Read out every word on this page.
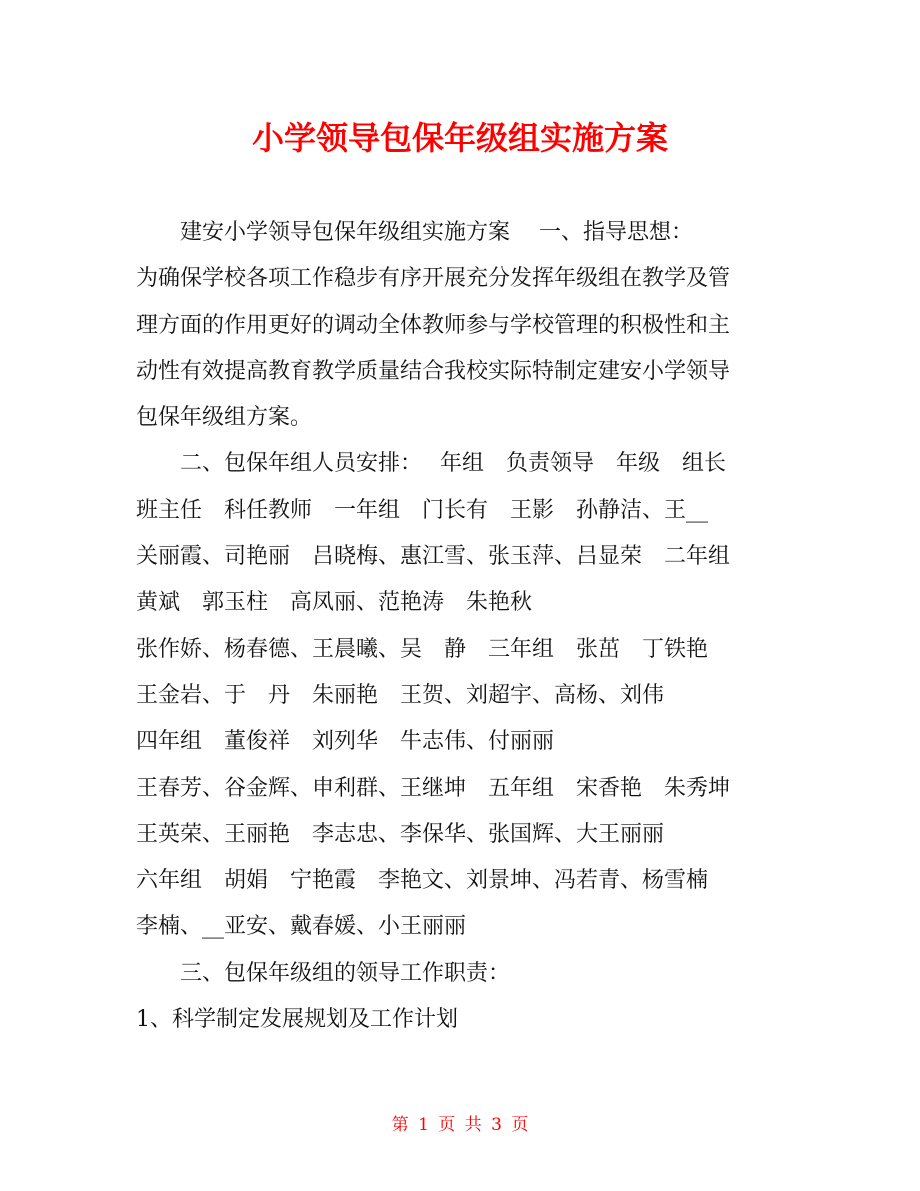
小学领导包保年级组实施方案

建安小学领导包保年级组实施方案　 一、指导思想：

为确保学校各项工作稳步有序开展充分发挥年级组在教学及管

理方面的作用更好的调动全体教师参与学校管理的积极性和主

动性有效提高教育教学质量结合我校实际特制定建安小学领导

包保年级组方案。

二、包保年组人员安排：　 年组　负责领导　年级　组长

班主任　科任教师　一年组　门长有　王影　孙静洁、王__

关丽霞、司艳丽　吕晓梅、惠江雪、张玉萍、吕显荣　二年组

黄斌　郭玉柱　高凤丽、范艳涛　朱艳秋

张作娇、杨春德、王晨曦、吴　静　三年组　张茁　丁铁艳

王金岩、于　丹　朱丽艳　王贺、刘超宇、高杨、刘伟

四年组　董俊祥　刘列华　牛志伟、付丽丽

王春芳、谷金辉、申利群、王继坤　五年组　宋香艳　朱秀坤

王英荣、王丽艳　李志忠、李保华、张国辉、大王丽丽

六年组　胡娟　宁艳霞　李艳文、刘景坤、冯若青、杨雪楠

李楠、__亚安、戴春媛、小王丽丽

三、包保年级组的领导工作职责：

1、科学制定发展规划及工作计划

第 1 页 共 3 页
